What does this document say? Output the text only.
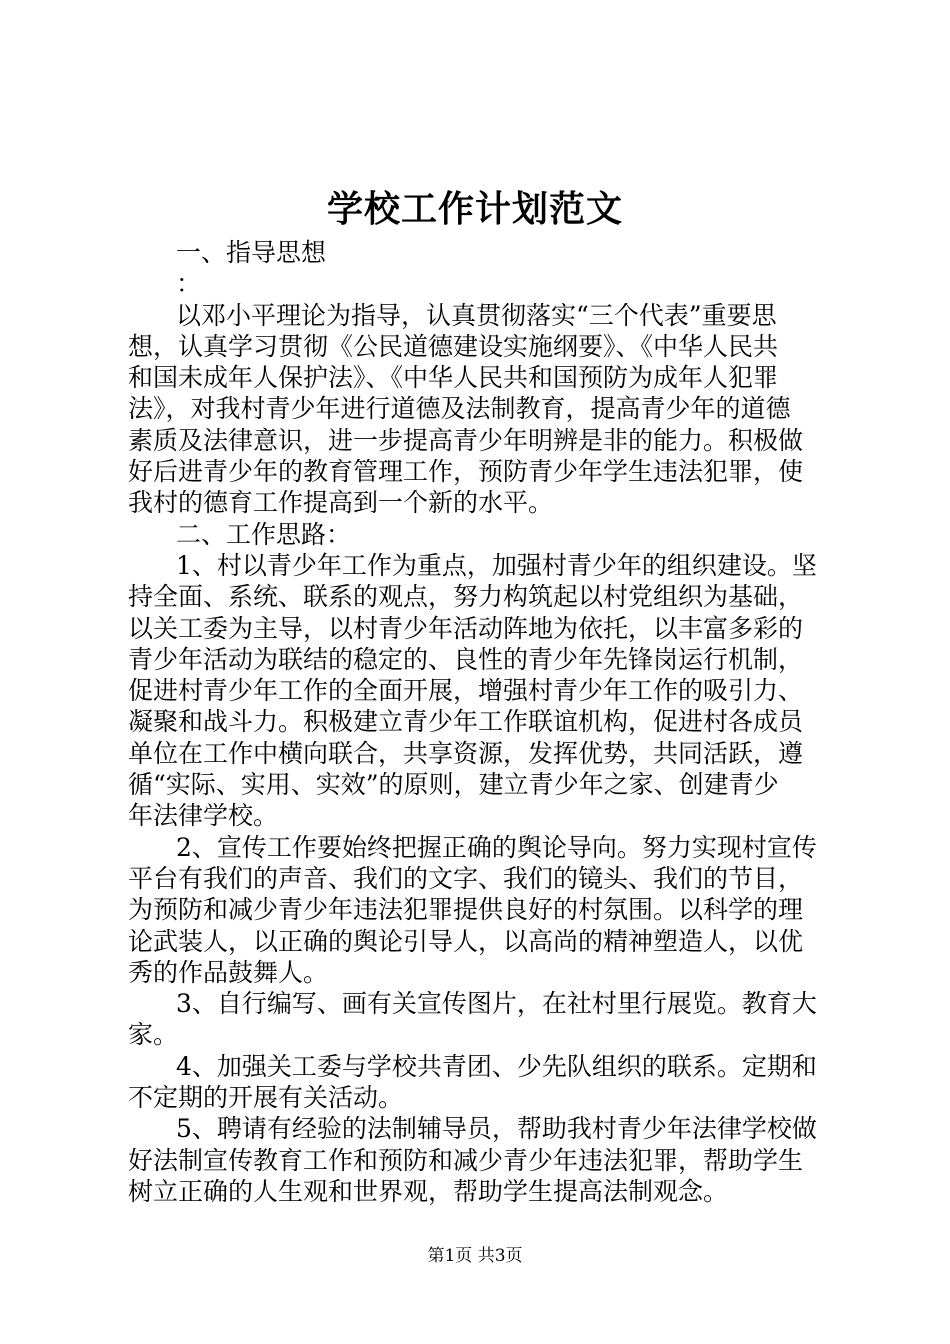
学校工作计划范文
一、指导思想
：
以邓小平理论为指导，认真贯彻落实“三个代表”重要思
想，认真学习贯彻《公民道德建设实施纲要》、《中华人民共
和国未成年人保护法》、《中华人民共和国预防为成年人犯罪
法》，对我村青少年进行道德及法制教育，提高青少年的道德
素质及法律意识，进一步提高青少年明辨是非的能力。积极做
好后进青少年的教育管理工作，预防青少年学生违法犯罪，使
我村的德育工作提高到一个新的水平。
二、工作思路：
1、村以青少年工作为重点，加强村青少年的组织建设。坚
持全面、系统、联系的观点，努力构筑起以村党组织为基础，
以关工委为主导，以村青少年活动阵地为依托，以丰富多彩的
青少年活动为联结的稳定的、良性的青少年先锋岗运行机制，
促进村青少年工作的全面开展，增强村青少年工作的吸引力、
凝聚和战斗力。积极建立青少年工作联谊机构，促进村各成员
单位在工作中横向联合，共享资源，发挥优势，共同活跃，遵
循“实际、实用、实效”的原则，建立青少年之家、创建青少
年法律学校。
2、宣传工作要始终把握正确的舆论导向。努力实现村宣传
平台有我们的声音、我们的文字、我们的镜头、我们的节目，
为预防和减少青少年违法犯罪提供良好的村氛围。以科学的理
论武装人，以正确的舆论引导人，以高尚的精神塑造人，以优
秀的作品鼓舞人。
3、自行编写、画有关宣传图片，在社村里行展览。教育大
家。
4、加强关工委与学校共青团、少先队组织的联系。定期和
不定期的开展有关活动。
5、聘请有经验的法制辅导员，帮助我村青少年法律学校做
好法制宣传教育工作和预防和减少青少年违法犯罪，帮助学生
树立正确的人生观和世界观，帮助学生提高法制观念。
第1页 共3页
